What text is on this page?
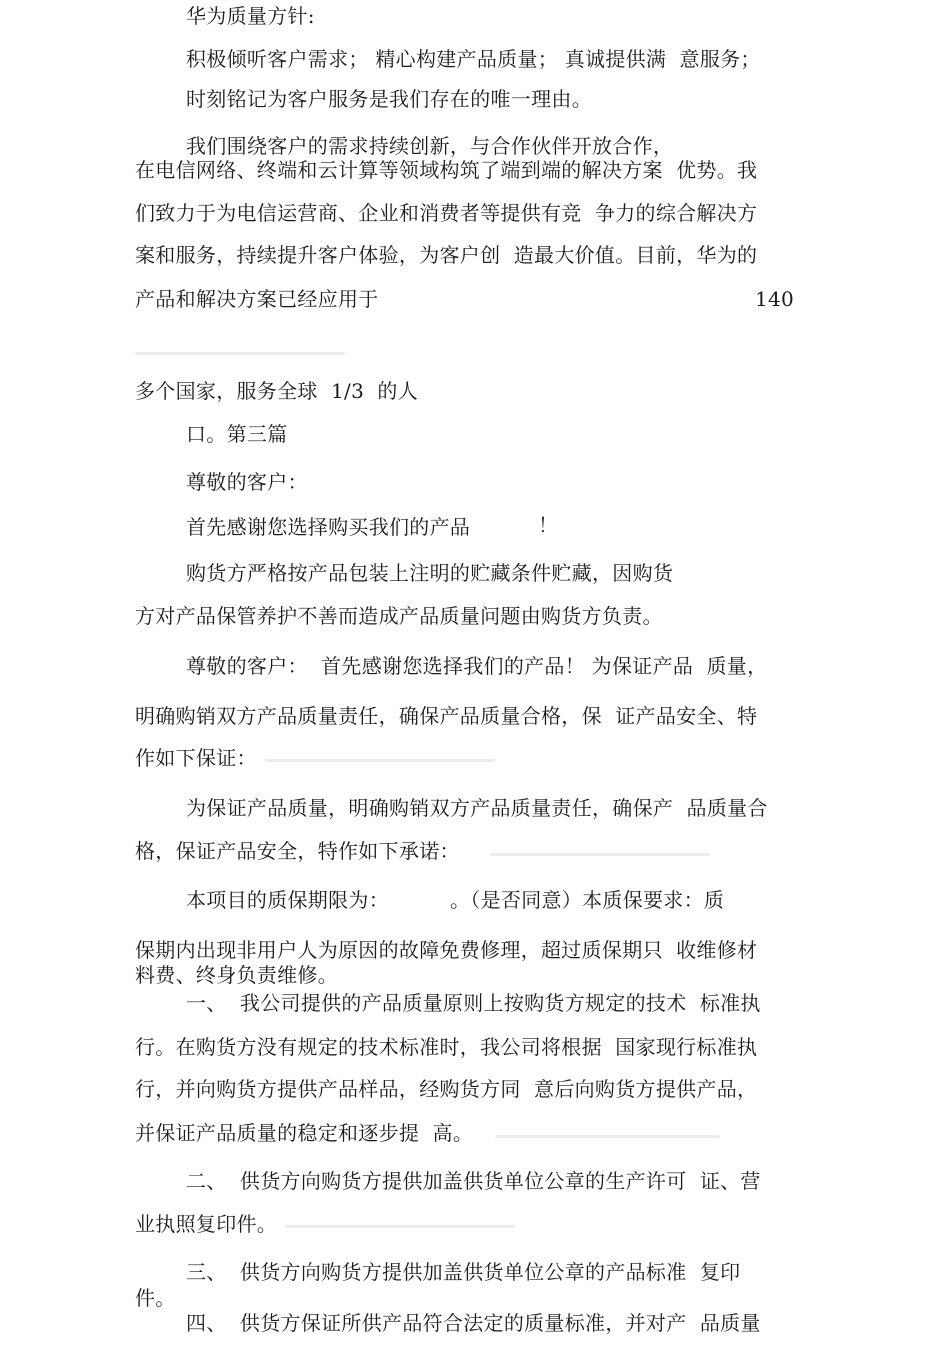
华为质量方针:
积极倾听客户需求； 精心构建产品质量； 真诚提供满  意服务；
时刻铭记为客户服务是我们存在的唯一理由。
我们围绕客户的需求持续创新，与合作伙伴开放合作，
在电信网络、终端和云计算等领域构筑了端到端的解决方案  优势。我
们致力于为电信运营商、企业和消费者等提供有竞  争力的综合解决方
案和服务，持续提升客户体验，为客户创  造最大价值。目前，华为的
产品和解决方案已经应用于	140
多个国家，服务全球  1/3  的人
口。第三篇
尊敬的客户：
首先感谢您选择购买我们的产品	！
购货方严格按产品包装上注明的贮藏条件贮藏，因购货
方对产品保管养护不善而造成产品质量问题由购货方负责。
尊敬的客户：  首先感谢您选择我们的产品！ 为保证产品  质量，
明确购销双方产品质量责任，确保产品质量合格，保  证产品安全、特
作如下保证：
为保证产品质量，明确购销双方产品质量责任，确保产  品质量合
格，保证产品安全，特作如下承诺：
本项目的质保期限为：	。（是否同意）本质保要求：质
保期内出现非用户人为原因的故障免费修理，超过质保期只  收维修材
料费、终身负责维修。
一、  我公司提供的产品质量原则上按购货方规定的技术  标准执
行。在购货方没有规定的技术标准时，我公司将根据  国家现行标准执
行，并向购货方提供产品样品，经购货方同  意后向购货方提供产品，
并保证产品质量的稳定和逐步提  高。
二、  供货方向购货方提供加盖供货单位公章的生产许可  证、营
业执照复印件。
三、  供货方向购货方提供加盖供货单位公章的产品标准  复印
件。
四、  供货方保证所供产品符合法定的质量标准，并对产  品质量
